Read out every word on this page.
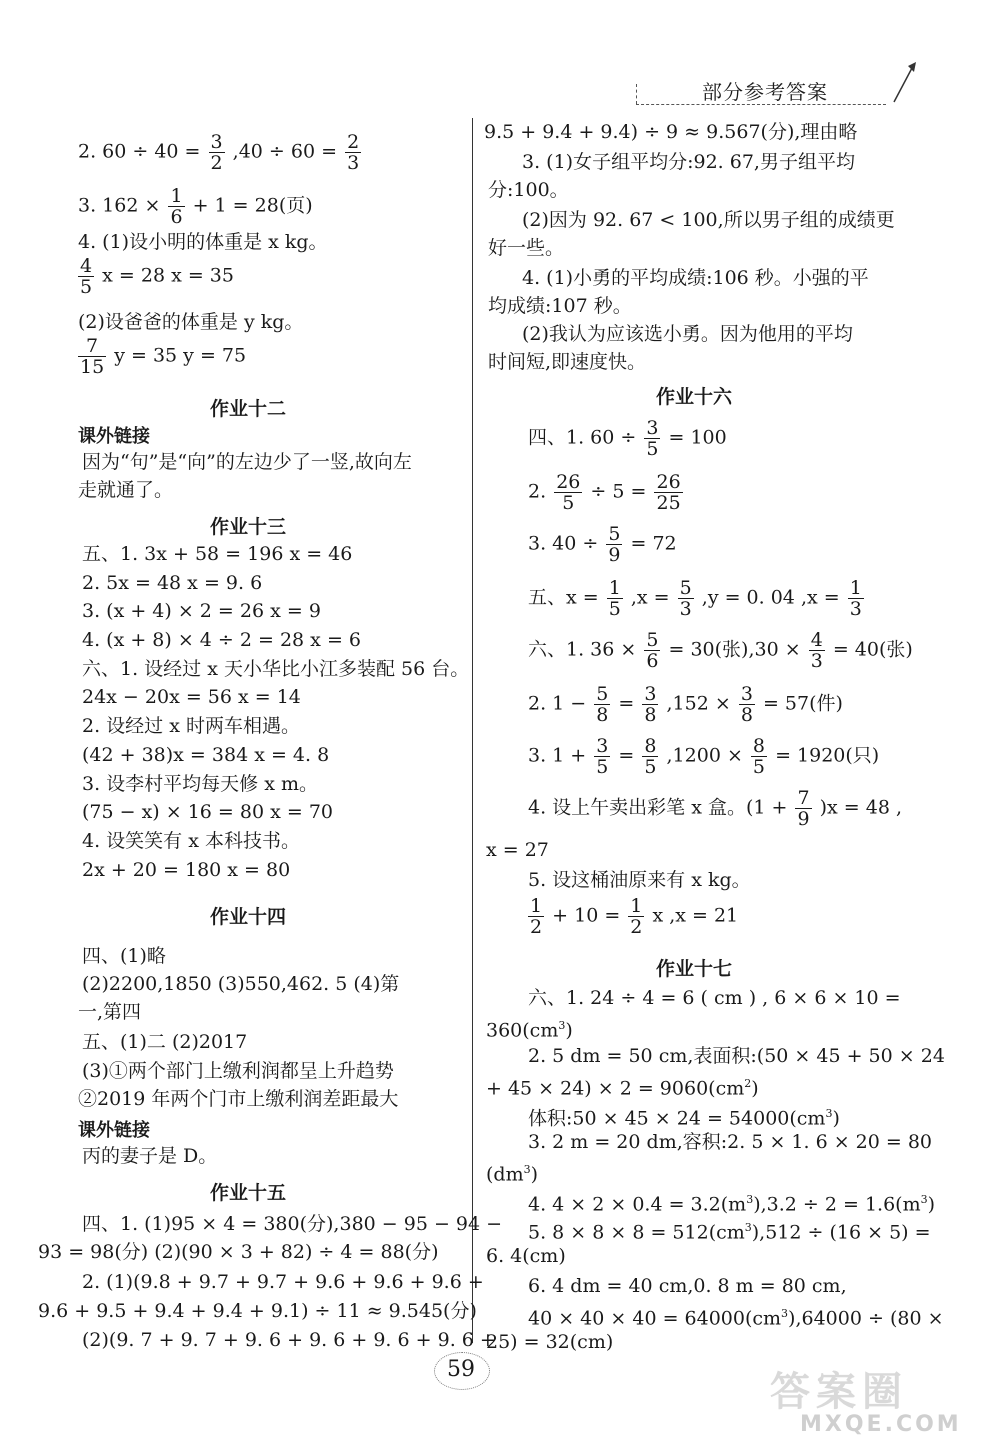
部分参考答案
2. $60 \div 40 = \frac{3}{2} ,40 \div 60 = \frac{2}{3}$
3. $162 \times \frac{1}{6} + 1 = 28$(页)
4. (1)设小明的体重是 x kg。
$\frac{4}{5}$ x = 28 x = 35
(2)设爸爸的体重是 y kg。
$\frac{7}{15}$ y = 35 y = 75
作业十二
课外链接
因为“句”是“向”的左边少了一竖,故向左
走就通了。
作业十三
五、1. 3x + 58 = 196 x = 46
2. 5x = 48 x = 9. 6
3. (x + 4) × 2 = 26 x = 9
4. (x + 8) × 4 ÷ 2 = 28 x = 6
六、1. 设经过 x 天小华比小江多装配 56 台。
24x − 20x = 56 x = 14
2. 设经过 x 时两车相遇。
(42 + 38)x = 384 x = 4. 8
3. 设李村平均每天修 x m。
(75 − x) × 16 = 80 x = 70
4. 设笑笑有 x 本科技书。
2x + 20 = 180 x = 80
作业十四
四、(1)略
(2)2200,1850 (3)550,462. 5 (4)第
一,第四
五、(1)二 (2)2017
(3)①两个部门上缴利润都呈上升趋势
②2019 年两个门市上缴利润差距最大
课外链接
丙的妻子是 D。
作业十五
四、1. (1)95 × 4 = 380(分),380 − 95 − 94 −
93 = 98(分) (2)(90 × 3 + 82) ÷ 4 = 88(分)
2. (1)(9.8 + 9.7 + 9.7 + 9.6 + 9.6 + 9.6 +
9.6 + 9.5 + 9.4 + 9.4 + 9.1) ÷ 11 ≈ 9.545(分)
(2)(9. 7 + 9. 7 + 9. 6 + 9. 6 + 9. 6 + 9. 6 +
9.5 + 9.4 + 9.4) ÷ 9 ≈ 9.567(分),理由略
3. (1)女子组平均分:92. 67,男子组平均
分:100。
(2)因为 92. 67 < 100,所以男子组的成绩更
好一些。
4. (1)小勇的平均成绩:106 秒。小强的平
均成绩:107 秒。
(2)我认为应该选小勇。因为他用的平均
时间短,即速度快。
作业十六
四、1. $60 \div \frac{3}{5} = 100$
2. $\frac{26}{5} \div 5 = \frac{26}{25}$
3. $40 \div \frac{5}{9} = 72$
五、$x = \frac{1}{5} ,x = \frac{5}{3} ,y = 0$. 04 $,x = \frac{1}{3}$
六、1. $36 \times \frac{5}{6} = 30$(张)$,30 \times \frac{4}{3} = 40$(张)
2. $1 - \frac{5}{8} = \frac{3}{8} ,152 \times \frac{3}{8} = 57$(件)
3. $1 + \frac{3}{5} = \frac{8}{5} ,1200 \times \frac{8}{5} = 1920$(只)
4. 设上午卖出彩笔 x 盒。$(1 + \frac{7}{9} )x = 48$ ,
x = 27
5. 设这桶油原来有 x kg。
$\frac{1}{2} + 10 = \frac{1}{2}$ x ,x = 21
作业十七
六、1. 24 ÷ 4 = 6 ( cm ) , 6 × 6 × 10 =
$360(cm^3)$
2. 5 dm = 50 cm,表面积:(50 × 45 + 50 × 24
+ $45 \times 24) \times 2 = 9060(cm^2)$
体积:50 × $45 \times 24 = 54000(cm^3)$
3. 2 m = 20 dm,容积:2. 5 × 1. 6 × 20 = 80
$(dm^3)$
4. $4 \times 2 \times 0.4 = 3.2(m^3),3.2 \div 2 = 1.6(m^3)$
5. $8 \times 8 \times 8 = 512(cm^3),512 \div (16 \times 5)$ =
6. 4(cm)
6. 4 dm = 40 cm,0. 8 m = 80 cm,
$40 \times 40 \times 40 = 64000(cm^3),64000 \div (80$ ×
25) = 32(cm)
59	答案圈
MXQE.COM
